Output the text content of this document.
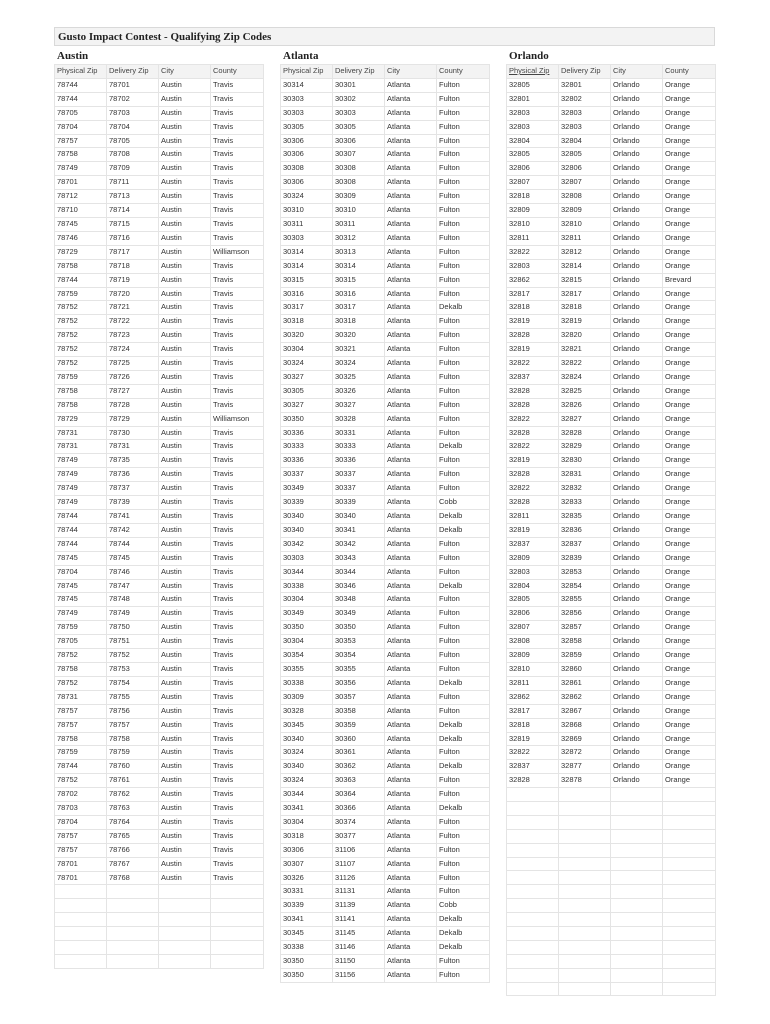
Gusto Impact Contest - Qualifying Zip Codes
Austin
Physical Zip	Delivery Zip	City	County
78744	78701	Austin	Travis
78744	78702	Austin	Travis
78705	78703	Austin	Travis
78704	78704	Austin	Travis
78757	78705	Austin	Travis
78758	78708	Austin	Travis
78749	78709	Austin	Travis
78701	78711	Austin	Travis
78712	78713	Austin	Travis
78710	78714	Austin	Travis
78745	78715	Austin	Travis
78746	78716	Austin	Travis
78729	78717	Austin	Williamson
78758	78718	Austin	Travis
78744	78719	Austin	Travis
78759	78720	Austin	Travis
78752	78721	Austin	Travis
78752	78722	Austin	Travis
78752	78723	Austin	Travis
78752	78724	Austin	Travis
78752	78725	Austin	Travis
78759	78726	Austin	Travis
78758	78727	Austin	Travis
78758	78728	Austin	Travis
78729	78729	Austin	Williamson
78731	78730	Austin	Travis
78731	78731	Austin	Travis
78749	78735	Austin	Travis
78749	78736	Austin	Travis
78749	78737	Austin	Travis
78749	78739	Austin	Travis
78744	78741	Austin	Travis
78744	78742	Austin	Travis
78744	78744	Austin	Travis
78745	78745	Austin	Travis
78704	78746	Austin	Travis
78745	78747	Austin	Travis
78745	78748	Austin	Travis
78749	78749	Austin	Travis
78759	78750	Austin	Travis
78705	78751	Austin	Travis
78752	78752	Austin	Travis
78758	78753	Austin	Travis
78752	78754	Austin	Travis
78731	78755	Austin	Travis
78757	78756	Austin	Travis
78757	78757	Austin	Travis
78758	78758	Austin	Travis
78759	78759	Austin	Travis
78744	78760	Austin	Travis
78752	78761	Austin	Travis
78702	78762	Austin	Travis
78703	78763	Austin	Travis
78704	78764	Austin	Travis
78757	78765	Austin	Travis
78757	78766	Austin	Travis
78701	78767	Austin	Travis
78701	78768	Austin	Travis

Atlanta
Physical Zip	Delivery Zip	City	County
30314	30301	Atlanta	Fulton
30303	30302	Atlanta	Fulton
30303	30303	Atlanta	Fulton
30305	30305	Atlanta	Fulton
30306	30306	Atlanta	Fulton
30306	30307	Atlanta	Fulton
30308	30308	Atlanta	Fulton
30306	30308	Atlanta	Fulton
30324	30309	Atlanta	Fulton
30310	30310	Atlanta	Fulton
30311	30311	Atlanta	Fulton
30303	30312	Atlanta	Fulton
30314	30313	Atlanta	Fulton
30314	30314	Atlanta	Fulton
30315	30315	Atlanta	Fulton
30316	30316	Atlanta	Fulton
30317	30317	Atlanta	Dekalb
30318	30318	Atlanta	Fulton
30320	30320	Atlanta	Fulton
30304	30321	Atlanta	Fulton
30324	30324	Atlanta	Fulton
30327	30325	Atlanta	Fulton
30305	30326	Atlanta	Fulton
30327	30327	Atlanta	Fulton
30350	30328	Atlanta	Fulton
30336	30331	Atlanta	Fulton
30333	30333	Atlanta	Dekalb
30336	30336	Atlanta	Fulton
30337	30337	Atlanta	Fulton
30349	30337	Atlanta	Fulton
30339	30339	Atlanta	Cobb
30340	30340	Atlanta	Dekalb
30340	30341	Atlanta	Dekalb
30342	30342	Atlanta	Fulton
30303	30343	Atlanta	Fulton
30344	30344	Atlanta	Fulton
30338	30346	Atlanta	Dekalb
30304	30348	Atlanta	Fulton
30349	30349	Atlanta	Fulton
30350	30350	Atlanta	Fulton
30304	30353	Atlanta	Fulton
30354	30354	Atlanta	Fulton
30355	30355	Atlanta	Fulton
30338	30356	Atlanta	Dekalb
30309	30357	Atlanta	Fulton
30328	30358	Atlanta	Fulton
30345	30359	Atlanta	Dekalb
30340	30360	Atlanta	Dekalb
30324	30361	Atlanta	Fulton
30340	30362	Atlanta	Dekalb
30324	30363	Atlanta	Fulton
30344	30364	Atlanta	Fulton
30341	30366	Atlanta	Dekalb
30304	30374	Atlanta	Fulton
30318	30377	Atlanta	Fulton
30306	31106	Atlanta	Fulton
30307	31107	Atlanta	Fulton
30326	31126	Atlanta	Fulton
30331	31131	Atlanta	Fulton
30339	31139	Atlanta	Cobb
30341	31141	Atlanta	Dekalb
30345	31145	Atlanta	Dekalb
30338	31146	Atlanta	Dekalb
30350	31150	Atlanta	Fulton
30350	31156	Atlanta	Fulton
Orlando
Physical Zip	Delivery Zip	City	County
32805	32801	Orlando	Orange
32801	32802	Orlando	Orange
32803	32803	Orlando	Orange
32803	32803	Orlando	Orange
32804	32804	Orlando	Orange
32805	32805	Orlando	Orange
32806	32806	Orlando	Orange
32807	32807	Orlando	Orange
32818	32808	Orlando	Orange
32809	32809	Orlando	Orange
32810	32810	Orlando	Orange
32811	32811	Orlando	Orange
32822	32812	Orlando	Orange
32803	32814	Orlando	Orange
32862	32815	Orlando	Brevard
32817	32817	Orlando	Orange
32818	32818	Orlando	Orange
32819	32819	Orlando	Orange
32828	32820	Orlando	Orange
32819	32821	Orlando	Orange
32822	32822	Orlando	Orange
32837	32824	Orlando	Orange
32828	32825	Orlando	Orange
32828	32826	Orlando	Orange
32822	32827	Orlando	Orange
32828	32828	Orlando	Orange
32822	32829	Orlando	Orange
32819	32830	Orlando	Orange
32828	32831	Orlando	Orange
32822	32832	Orlando	Orange
32828	32833	Orlando	Orange
32811	32835	Orlando	Orange
32819	32836	Orlando	Orange
32837	32837	Orlando	Orange
32809	32839	Orlando	Orange
32803	32853	Orlando	Orange
32804	32854	Orlando	Orange
32805	32855	Orlando	Orange
32806	32856	Orlando	Orange
32807	32857	Orlando	Orange
32808	32858	Orlando	Orange
32809	32859	Orlando	Orange
32810	32860	Orlando	Orange
32811	32861	Orlando	Orange
32862	32862	Orlando	Orange
32817	32867	Orlando	Orange
32818	32868	Orlando	Orange
32819	32869	Orlando	Orange
32822	32872	Orlando	Orange
32837	32877	Orlando	Orange
32828	32878	Orlando	Orange
